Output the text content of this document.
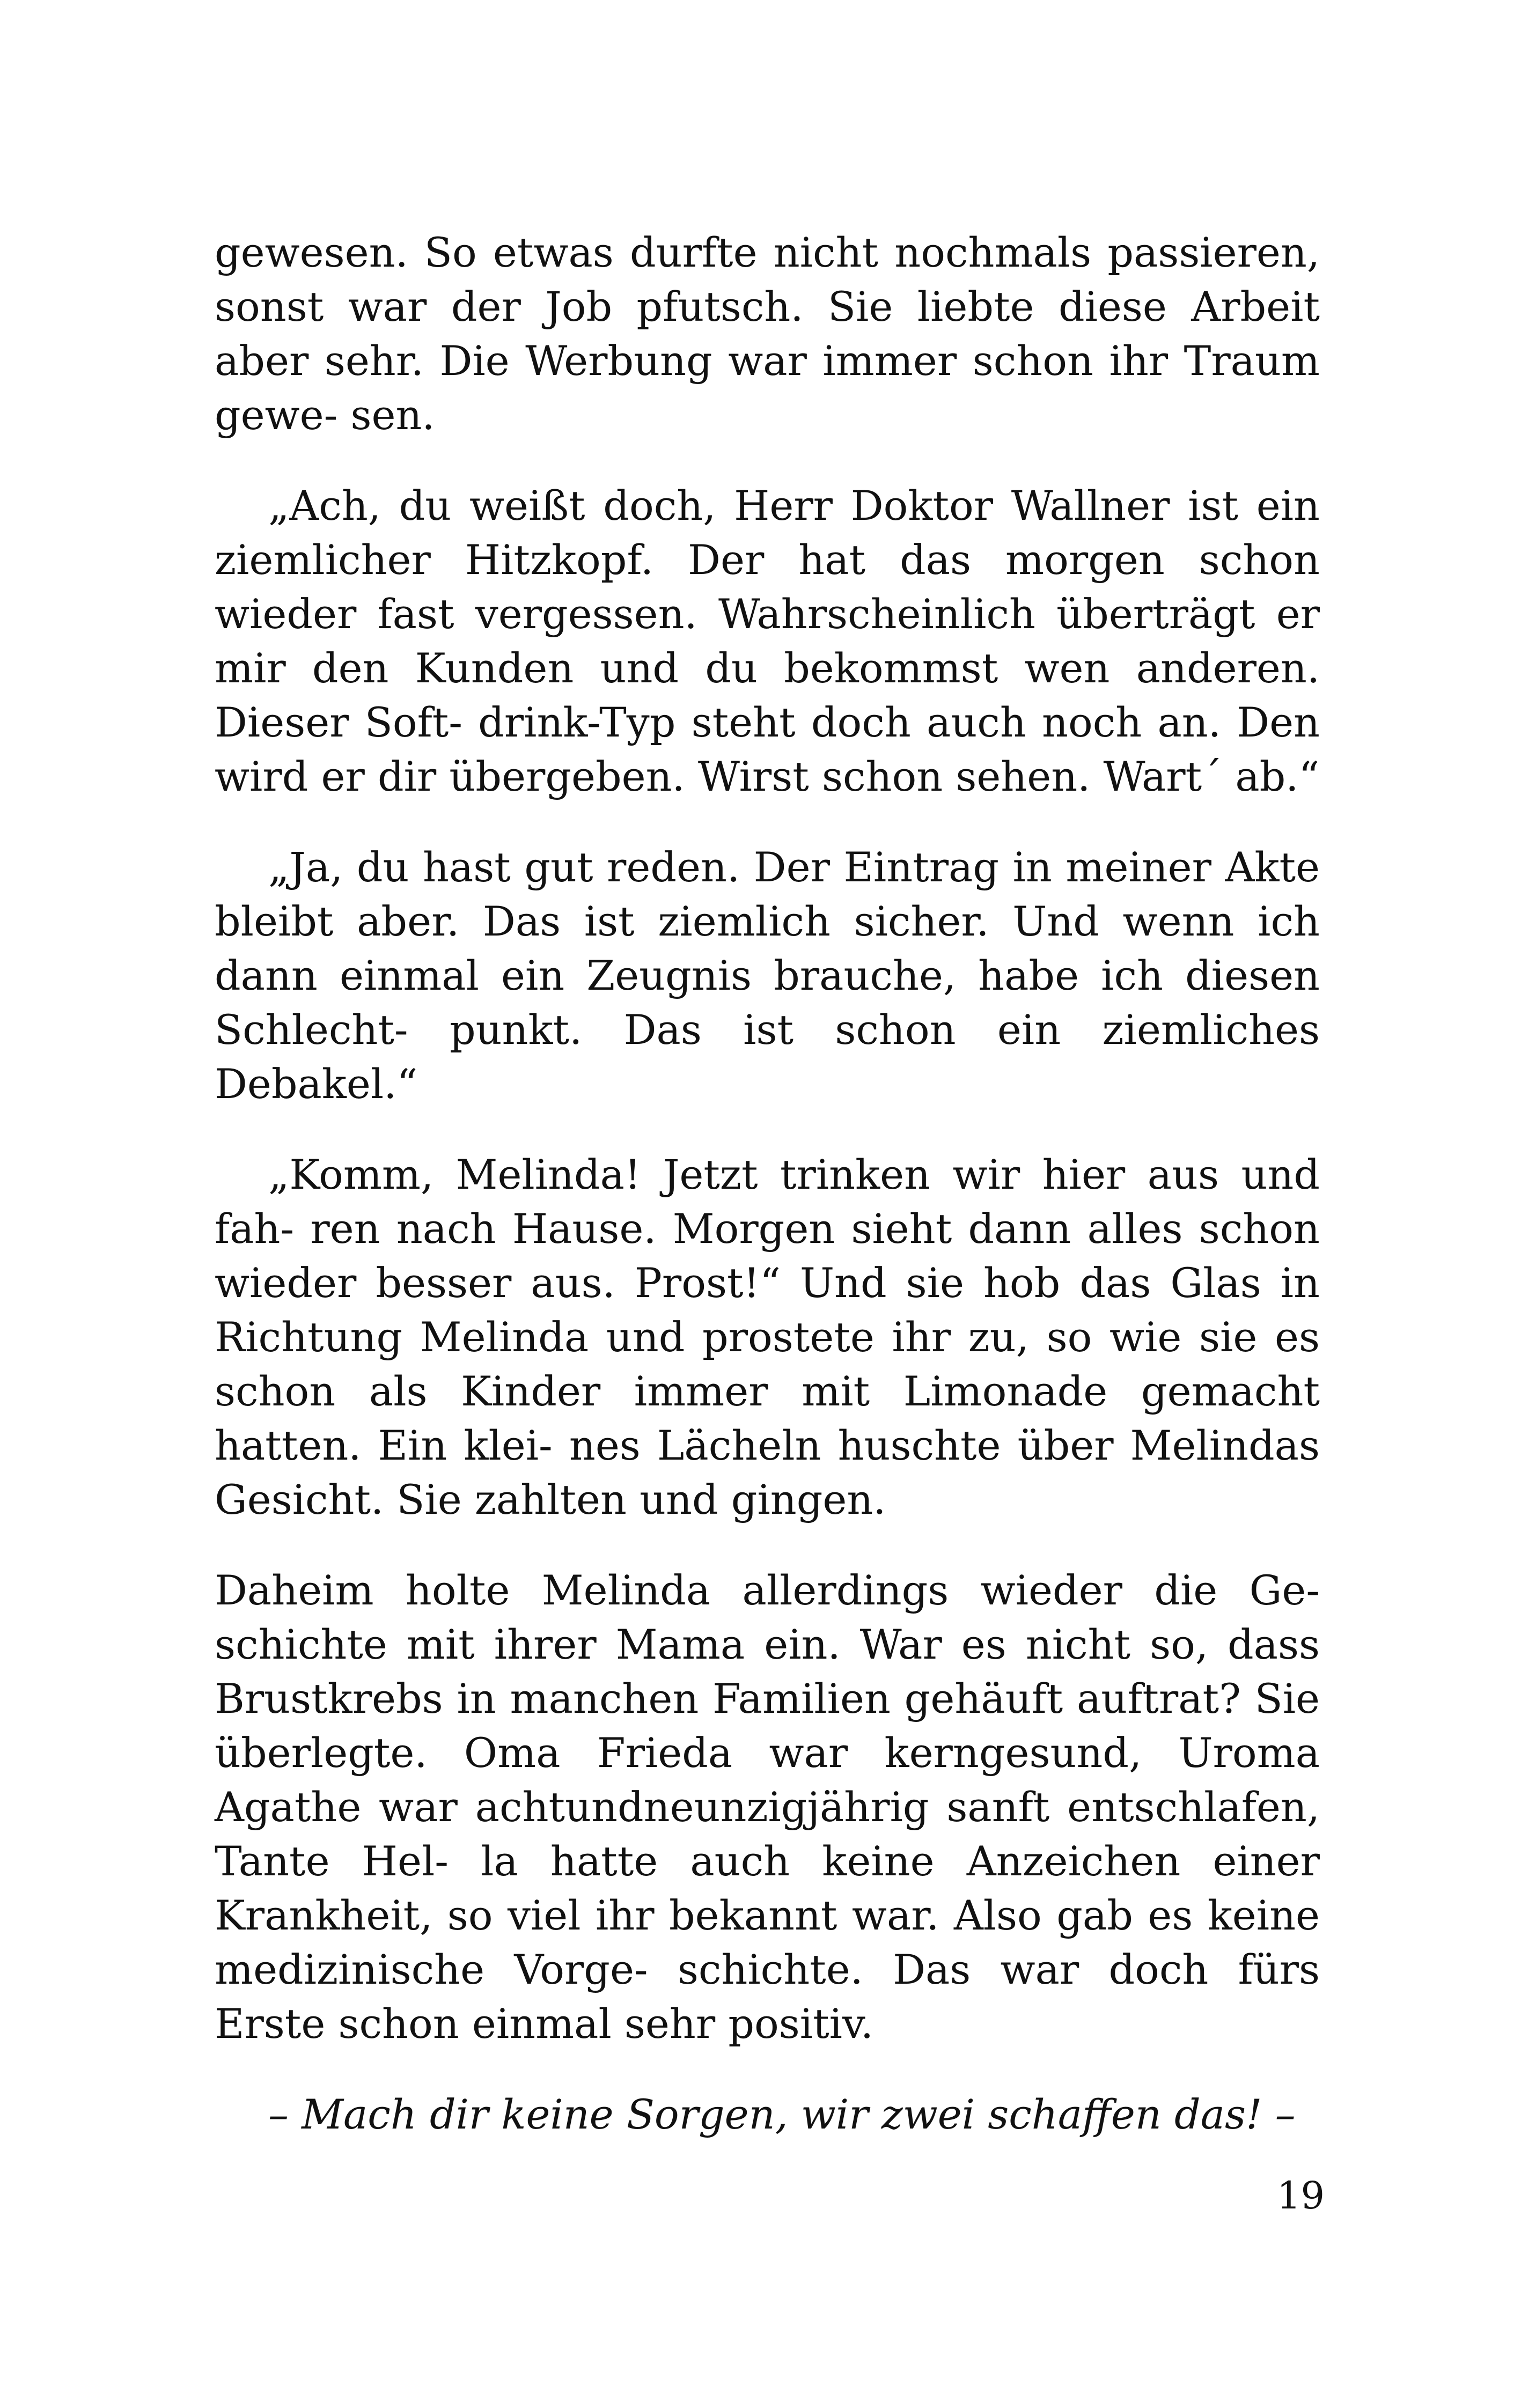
gewesen. So etwas durfte nicht nochmals passieren, sonst war der Job pfutsch. Sie liebte diese Arbeit aber sehr. Die Werbung war immer schon ihr Traum gewe- sen.

„Ach, du weißt doch, Herr Doktor Wallner ist ein ziemlicher Hitzkopf. Der hat das morgen schon wieder fast vergessen. Wahrscheinlich überträgt er mir den Kunden und du bekommst wen anderen. Dieser Soft- drink-Typ steht doch auch noch an. Den wird er dir übergeben. Wirst schon sehen. Wart´ ab.“

„Ja, du hast gut reden. Der Eintrag in meiner Akte bleibt aber. Das ist ziemlich sicher. Und wenn ich dann einmal ein Zeugnis brauche, habe ich diesen Schlecht- punkt. Das ist schon ein ziemliches Debakel.“

„Komm, Melinda! Jetzt trinken wir hier aus und fah- ren nach Hause. Morgen sieht dann alles schon wieder besser aus. Prost!“ Und sie hob das Glas in Richtung Melinda und prostete ihr zu, so wie sie es schon als Kinder immer mit Limonade gemacht hatten. Ein klei- nes Lächeln huschte über Melindas Gesicht. Sie zahlten und gingen.

Daheim holte Melinda allerdings wieder die Ge- schichte mit ihrer Mama ein. War es nicht so, dass Brustkrebs in manchen Familien gehäuft auftrat? Sie überlegte. Oma Frieda war kerngesund, Uroma Agathe war achtundneunzigjährig sanft entschlafen, Tante Hel- la hatte auch keine Anzeichen einer Krankheit, so viel ihr bekannt war. Also gab es keine medizinische Vorge- schichte. Das war doch fürs Erste schon einmal sehr positiv.

– Mach dir keine Sorgen, wir zwei schaffen das! –

19
